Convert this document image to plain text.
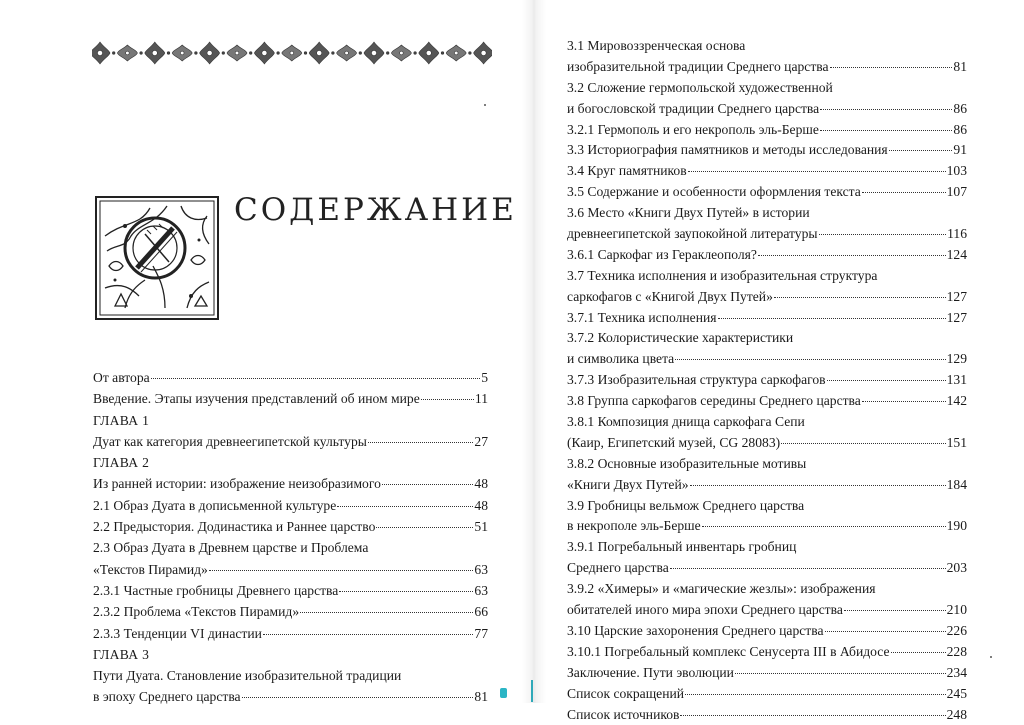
СОДЕРЖАНИЕ
От автора	5
Введение. Этапы изучения представлений об ином мире	11
ГЛАВА 1
Дуат как категория древнеегипетской культуры	27
ГЛАВА 2
Из ранней истории: изображение неизобразимого	48
2.1 Образ Дуата в дописьменной культуре	48
2.2 Предыстория. Додинастика и Раннее царство	51
2.3 Образ Дуата в Древнем царстве и Проблема
«Текстов Пирамид»	63
2.3.1 Частные гробницы Древнего царства	63
2.3.2 Проблема «Текстов Пирамид»	66
2.3.3 Тенденции VI династии	77
ГЛАВА 3
Пути Дуата. Становление изобразительной традиции
в эпоху Среднего царства	81
3.1 Мировоззренческая основа
изобразительной традиции Среднего царства	81
3.2 Сложение гермопольской художественной
и богословской традиции Среднего царства	86
3.2.1 Гермополь и его некрополь эль-Берше	86
3.3 Историография памятников и методы исследования	91
3.4 Круг памятников	103
3.5 Содержание и особенности оформления текста	107
3.6 Место «Книги Двух Путей» в истории
древнеегипетской заупокойной литературы	116
3.6.1 Саркофаг из Гераклеополя?	124
3.7 Техника исполнения и изобразительная структура
саркофагов с «Книгой Двух Путей»	127
3.7.1 Техника исполнения	127
3.7.2 Колористические характеристики
и символика цвета	129
3.7.3 Изобразительная структура саркофагов	131
3.8 Группа саркофагов середины Среднего царства	142
3.8.1 Композиция днища саркофага Сепи
(Каир, Египетский музей, CG 28083)	151
3.8.2 Основные изобразительные мотивы
«Книги Двух Путей»	184
3.9 Гробницы вельмож Среднего царства
в некрополе эль-Берше	190
3.9.1 Погребальный инвентарь гробниц
Среднего царства	203
3.9.2 «Химеры» и «магические жезлы»: изображения
обитателей иного мира эпохи Среднего царства	210
3.10 Царские захоронения Среднего царства	226
3.10.1 Погребальный комплекс Сенусерта III в Абидосе	228
Заключение. Пути эволюции	234
Список сокращений	245
Список источников	248
